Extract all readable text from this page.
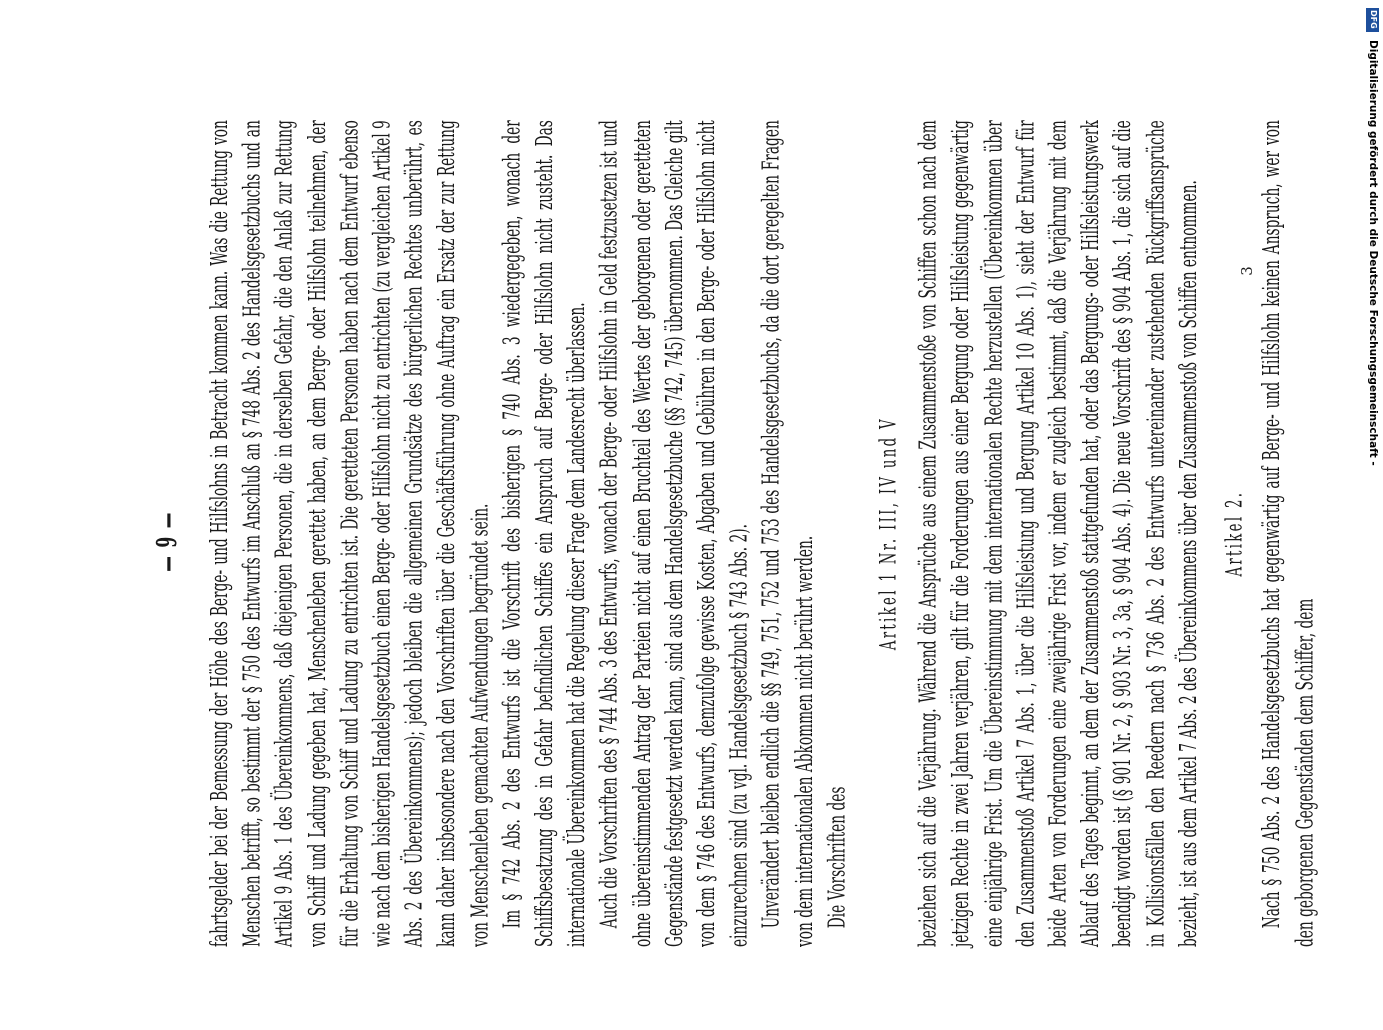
— 9 — fahrtsgelder bei der Bemessung der Höhe des Berge- und Hilfslohns in Betracht kommen kann. Was die Rettung von Menschen betrifft, so bestimmt der § 750 des Entwurfs im Anschluß an § 748 Abs. 2 des Handelsgesetzbuchs und an Artikel 9 Abs. 1 des Übereinkommens, daß diejenigen Personen, die in derselben Gefahr, die den Anlaß zur Rettung von Schiff und Ladung gegeben hat, Menschenleben gerettet haben, an dem Berge- oder Hilfslohn teilnehmen, der für die Erhaltung von Schiff und Ladung zu entrichten ist. Die geretteten Personen haben nach dem Entwurf ebenso wie nach dem bisherigen Handelsgesetzbuch einen Berge- oder Hilfslohn nicht zu entrichten (zu vergleichen Artikel 9 Abs. 2 des Übereinkommens); jedoch bleiben die allgemeinen Grundsätze des bürgerlichen Rechtes unberührt, es kann daher insbesondere nach den Vorschriften über die Geschäftsführung ohne Auftrag ein Ersatz der zur Rettung von Menschenleben gemachten Aufwendungen begründet sein. Im § 742 Abs. 2 des Entwurfs ist die Vorschrift des bisherigen § 740 Abs. 3 wiedergegeben, wonach der Schiffsbesatzung des in Gefahr befindlichen Schiffes ein Anspruch auf Berge- oder Hilfslohn nicht zusteht. Das internationale Übereinkommen hat die Regelung dieser Frage dem Landesrecht überlassen. Auch die Vorschriften des § 744 Abs. 3 des Entwurfs, wonach der Berge- oder Hilfslohn in Geld festzusetzen ist und ohne übereinstimmenden Antrag der Parteien nicht auf einen Bruchteil des Wertes der geborgenen oder geretteten Gegenstände festgesetzt werden kann, sind aus dem Handelsgesetzbuche (§§ 742, 745) übernommen. Das Gleiche gilt von dem § 746 des Entwurfs, demzufolge gewisse Kosten, Abgaben und Gebühren in den Berge- oder Hilfslohn nicht einzurechnen sind (zu vgl. Handelsgesetzbuch § 743 Abs. 2). Unverändert bleiben endlich die §§ 749, 751, 752 und 753 des Handelsgesetzbuchs, da die dort geregelten Fragen von dem internationalen Abkommen nicht berührt werden. Die Vorschriften des

Artikel 1 Nr. III, IV und V beziehen sich auf die Verjährung. Während die Ansprüche aus einem Zusammenstoße von Schiffen schon nach dem jetzigen Rechte in zwei Jahren verjähren, gilt für die Forderungen aus einer Bergung oder Hilfsleistung gegenwärtig eine einjährige Frist. Um die Übereinstimmung mit dem internationalen Rechte herzustellen (Übereinkommen über den Zusammenstoß Artikel 7 Abs. 1, über die Hilfsleistung und Bergung Artikel 10 Abs. 1), sieht der Entwurf für beide Arten von Forderungen eine zweijährige Frist vor, indem er zugleich bestimmt, daß die Verjährung mit dem Ablauf des Tages beginnt, an dem der Zusammenstoß stattgefunden hat, oder das Bergungs- oder Hilfsleistungswerk beendigt worden ist (§ 901 Nr. 2, § 903 Nr. 3, 3a, § 904 Abs. 4). Die neue Vorschrift des § 904 Abs. 1, die sich auf die in Kollisionsfällen den Reedern nach § 736 Abs. 2 des Entwurfs untereinander zustehenden Rückgriffsansprüche bezieht, ist aus dem Artikel 7 Abs. 2 des Übereinkommens über den Zusammenstoß von Schiffen entnommen. Artikel 2. Nach § 750 Abs. 2 des Handelsgesetzbuchs hat gegenwärtig auf Berge- und Hilfslohn keinen Anspruch, wer von den geborgenen Gegenständen dem Schiffer, dem

3
DFG
Digitalisierung gefördert durch die Deutsche Forschungsgemeinschaft -
